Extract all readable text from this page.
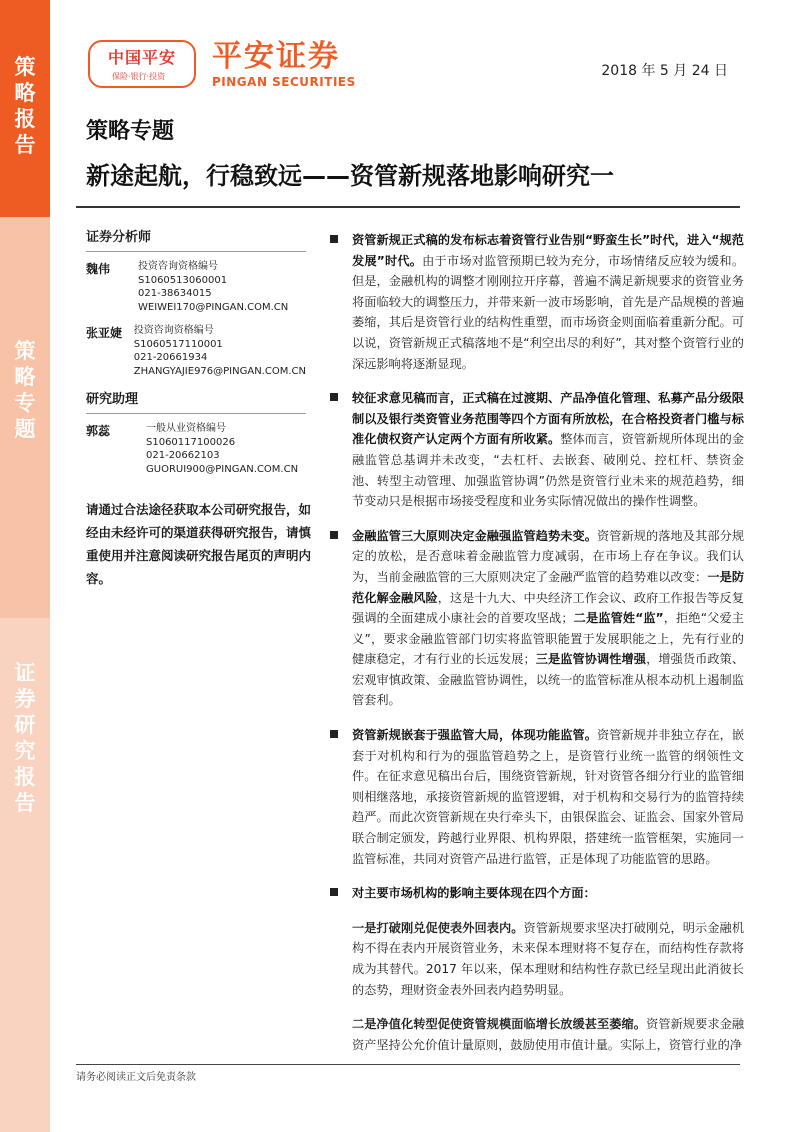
策
略
报
告
策
略
专
题
证
券
研
究
报
告
中国平安
保险·银行·投资
平安证券
PINGAN SECURITIES
2018 年 5 月 24 日
策略专题
新途起航，行稳致远——资管新规落地影响研究一
证券分析师
魏伟	投资咨询资格编号
S1060513060001
021-38634015
WEIWEI170@PINGAN.COM.CN
张亚婕	投资咨询资格编号
S1060517110001
021-20661934
ZHANGYAJIE976@PINGAN.COM.CN
研究助理
郭蕊	一般从业资格编号
S1060117100026
021-20662103
GUORUI900@PINGAN.COM.CN
请通过合法途径获取本公司研究报告，如经由未经许可的渠道获得研究报告，请慎重使用并注意阅读研究报告尾页的声明内容。
资管新规正式稿的发布标志着资管行业告别“野蛮生长”时代，进入“规范发展”时代。由于市场对监管预期已较为充分，市场情绪反应较为缓和。但是，金融机构的调整才刚刚拉开序幕，普遍不满足新规要求的资管业务将面临较大的调整压力，并带来新一波市场影响，首先是产品规模的普遍萎缩，其后是资管行业的结构性重塑，而市场资金则面临着重新分配。可以说，资管新规正式稿落地不是“利空出尽的利好”，其对整个资管行业的深远影响将逐渐显现。
较征求意见稿而言，正式稿在过渡期、产品净值化管理、私募产品分级限制以及银行类资管业务范围等四个方面有所放松，在合格投资者门槛与标准化债权资产认定两个方面有所收紧。整体而言，资管新规所体现出的金融监管总基调并未改变，“去杠杆、去嵌套、破刚兑、控杠杆、禁资金池、转型主动管理、加强监管协调”仍然是资管行业未来的规范趋势，细节变动只是根据市场接受程度和业务实际情况做出的操作性调整。
金融监管三大原则决定金融强监管趋势未变。资管新规的落地及其部分规定的放松，是否意味着金融监管力度减弱，在市场上存在争议。我们认为，当前金融监管的三大原则决定了金融严监管的趋势难以改变：一是防范化解金融风险，这是十九大、中央经济工作会议、政府工作报告等反复强调的全面建成小康社会的首要攻坚战；二是监管姓“监”，拒绝“父爱主义”，要求金融监管部门切实将监管职能置于发展职能之上，先有行业的健康稳定，才有行业的长远发展；三是监管协调性增强，增强货币政策、宏观审慎政策、金融监管协调性，以统一的监管标准从根本动机上遏制监管套利。
资管新规嵌套于强监管大局，体现功能监管。资管新规并非独立存在，嵌套于对机构和行为的强监管趋势之上，是资管行业统一监管的纲领性文件。在征求意见稿出台后，围绕资管新规，针对资管各细分行业的监管细则相继落地，承接资管新规的监管逻辑，对于机构和交易行为的监管持续趋严。而此次资管新规在央行牵头下，由银保监会、证监会、国家外管局联合制定颁发，跨越行业界限、机构界限，搭建统一监管框架，实施同一监管标准，共同对资管产品进行监管，正是体现了功能监管的思路。
对主要市场机构的影响主要体现在四个方面：
一是打破刚兑促使表外回表内。资管新规要求坚决打破刚兑，明示金融机构不得在表内开展资管业务，未来保本理财将不复存在，而结构性存款将成为其替代。2017 年以来，保本理财和结构性存款已经呈现出此消彼长的态势，理财资金表外回表内趋势明显。
二是净值化转型促使资管规模面临增长放缓甚至萎缩。资管新规要求金融资产坚持公允价值计量原则，鼓励使用市值计量。实际上，资管行业的净
请务必阅读正文后免责条款
